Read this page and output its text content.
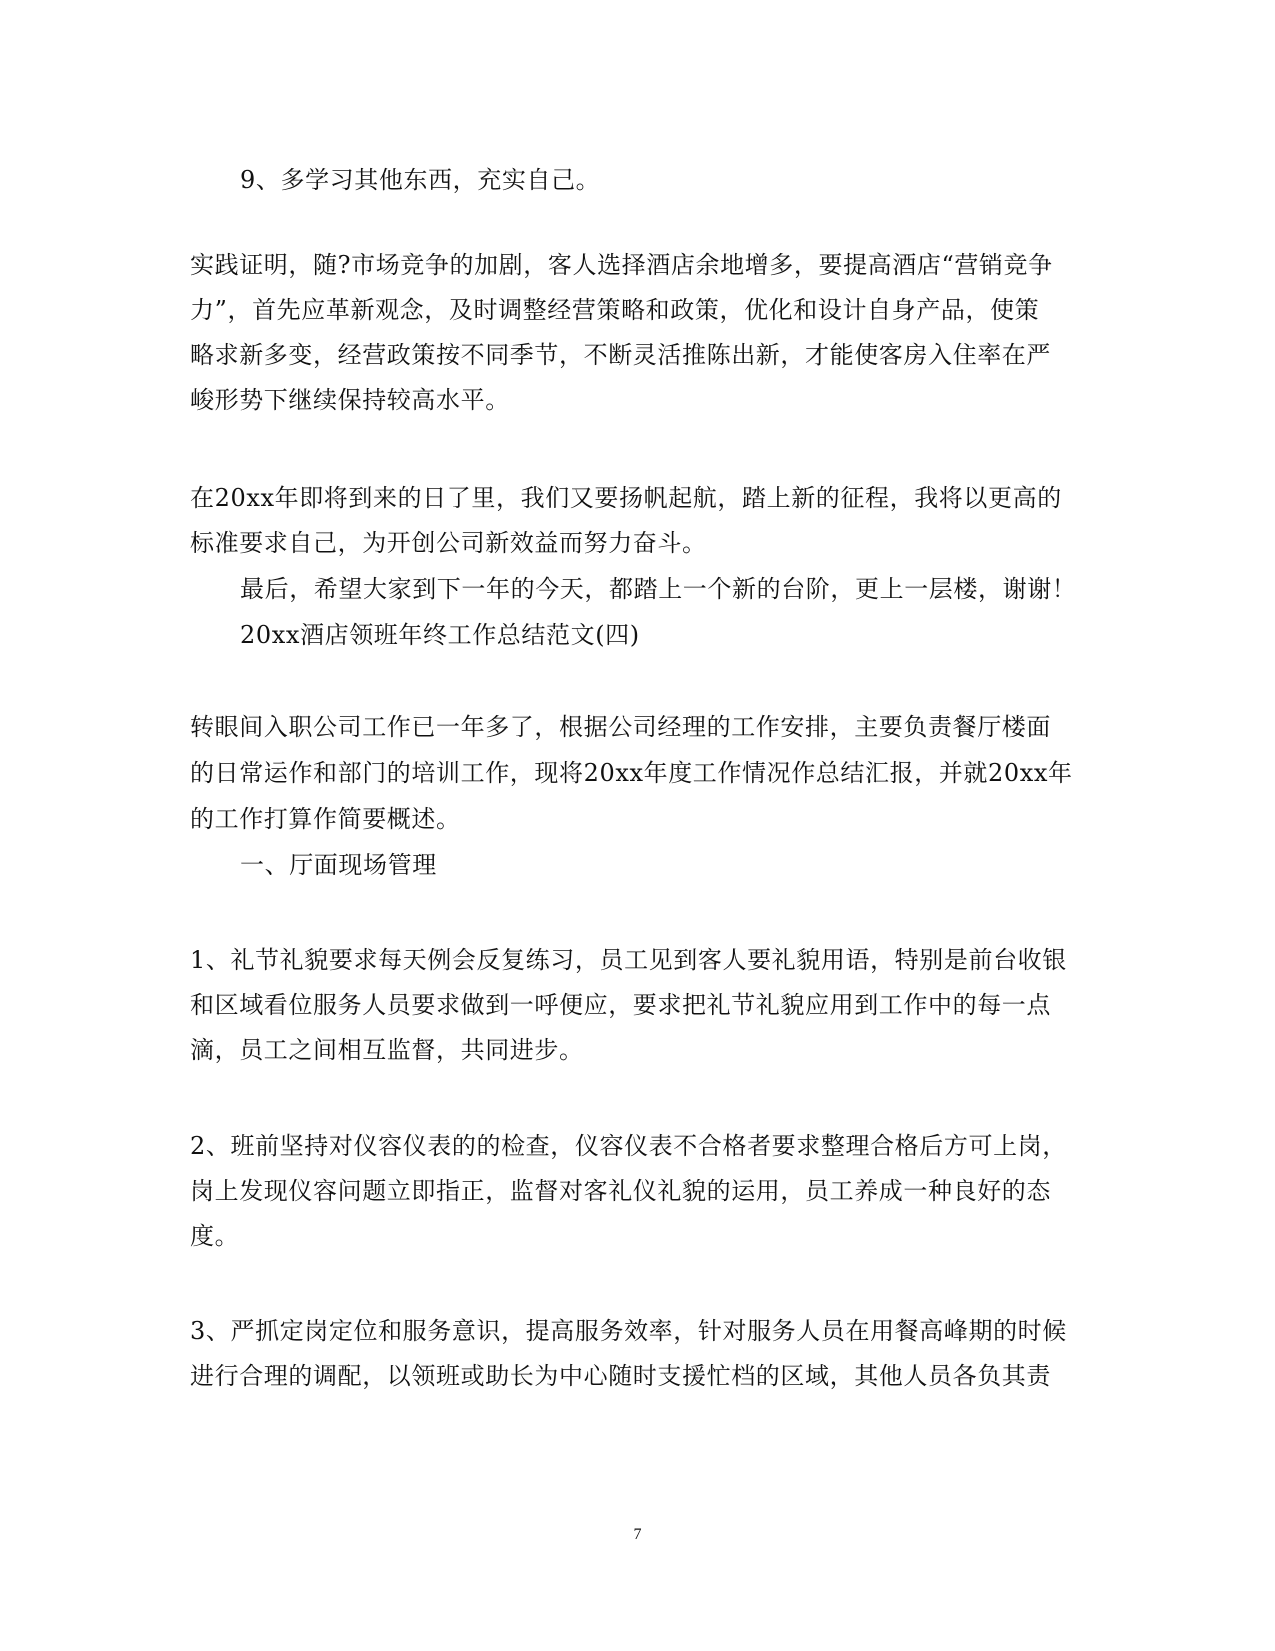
9、多学习其他东西，充实自己。
实践证明，随?市场竞争的加剧，客人选择酒店余地增多，要提高酒店“营销竞争
力”，首先应革新观念，及时调整经营策略和政策，优化和设计自身产品，使策
略求新多变，经营政策按不同季节，不断灵活推陈出新，才能使客房入住率在严
峻形势下继续保持较高水平。
在20xx年即将到来的日了里，我们又要扬帆起航，踏上新的征程，我将以更高的
标准要求自己，为开创公司新效益而努力奋斗。
最后，希望大家到下一年的今天，都踏上一个新的台阶，更上一层楼，谢谢！
20xx酒店领班年终工作总结范文(四)
转眼间入职公司工作已一年多了，根据公司经理的工作安排，主要负责餐厅楼面
的日常运作和部门的培训工作，现将20xx年度工作情况作总结汇报，并就20xx年
的工作打算作简要概述。
一、厅面现场管理
1、礼节礼貌要求每天例会反复练习，员工见到客人要礼貌用语，特别是前台收银
和区域看位服务人员要求做到一呼便应，要求把礼节礼貌应用到工作中的每一点
滴，员工之间相互监督，共同进步。
2、班前坚持对仪容仪表的的检查，仪容仪表不合格者要求整理合格后方可上岗，
岗上发现仪容问题立即指正，监督对客礼仪礼貌的运用，员工养成一种良好的态
度。
3、严抓定岗定位和服务意识，提高服务效率，针对服务人员在用餐高峰期的时候
进行合理的调配，以领班或助长为中心随时支援忙档的区域，其他人员各负其责
7
